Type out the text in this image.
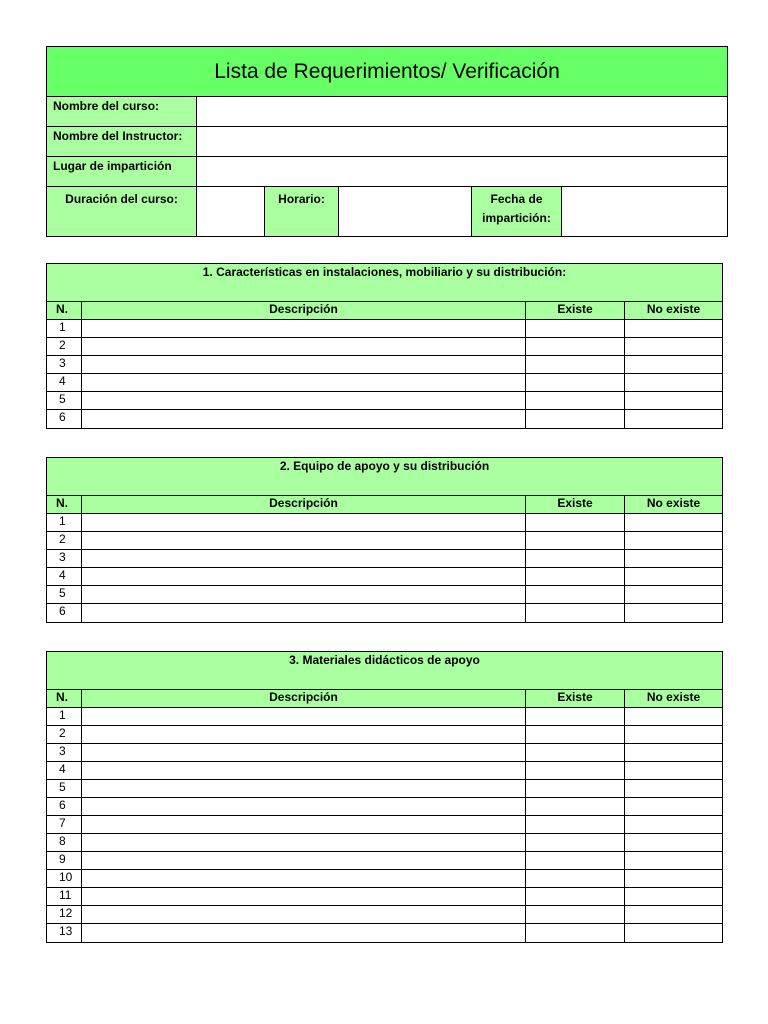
Lista de Requerimientos/ Verificación
Nombre del curso:
Nombre del Instructor:
Lugar de impartición
Duración del curso:	Horario:	Fecha de
impartición:
1. Características en instalaciones, mobiliario y su distribución:
N.	Descripción	Existe	No existe
1
2
3
4
5
6
2. Equipo de apoyo y su distribución
N.	Descripción	Existe	No existe
1
2
3
4
5
6
3. Materiales didácticos de apoyo
N.	Descripción	Existe	No existe
1
2
3
4
5
6
7
8
9
10
11
12
13
